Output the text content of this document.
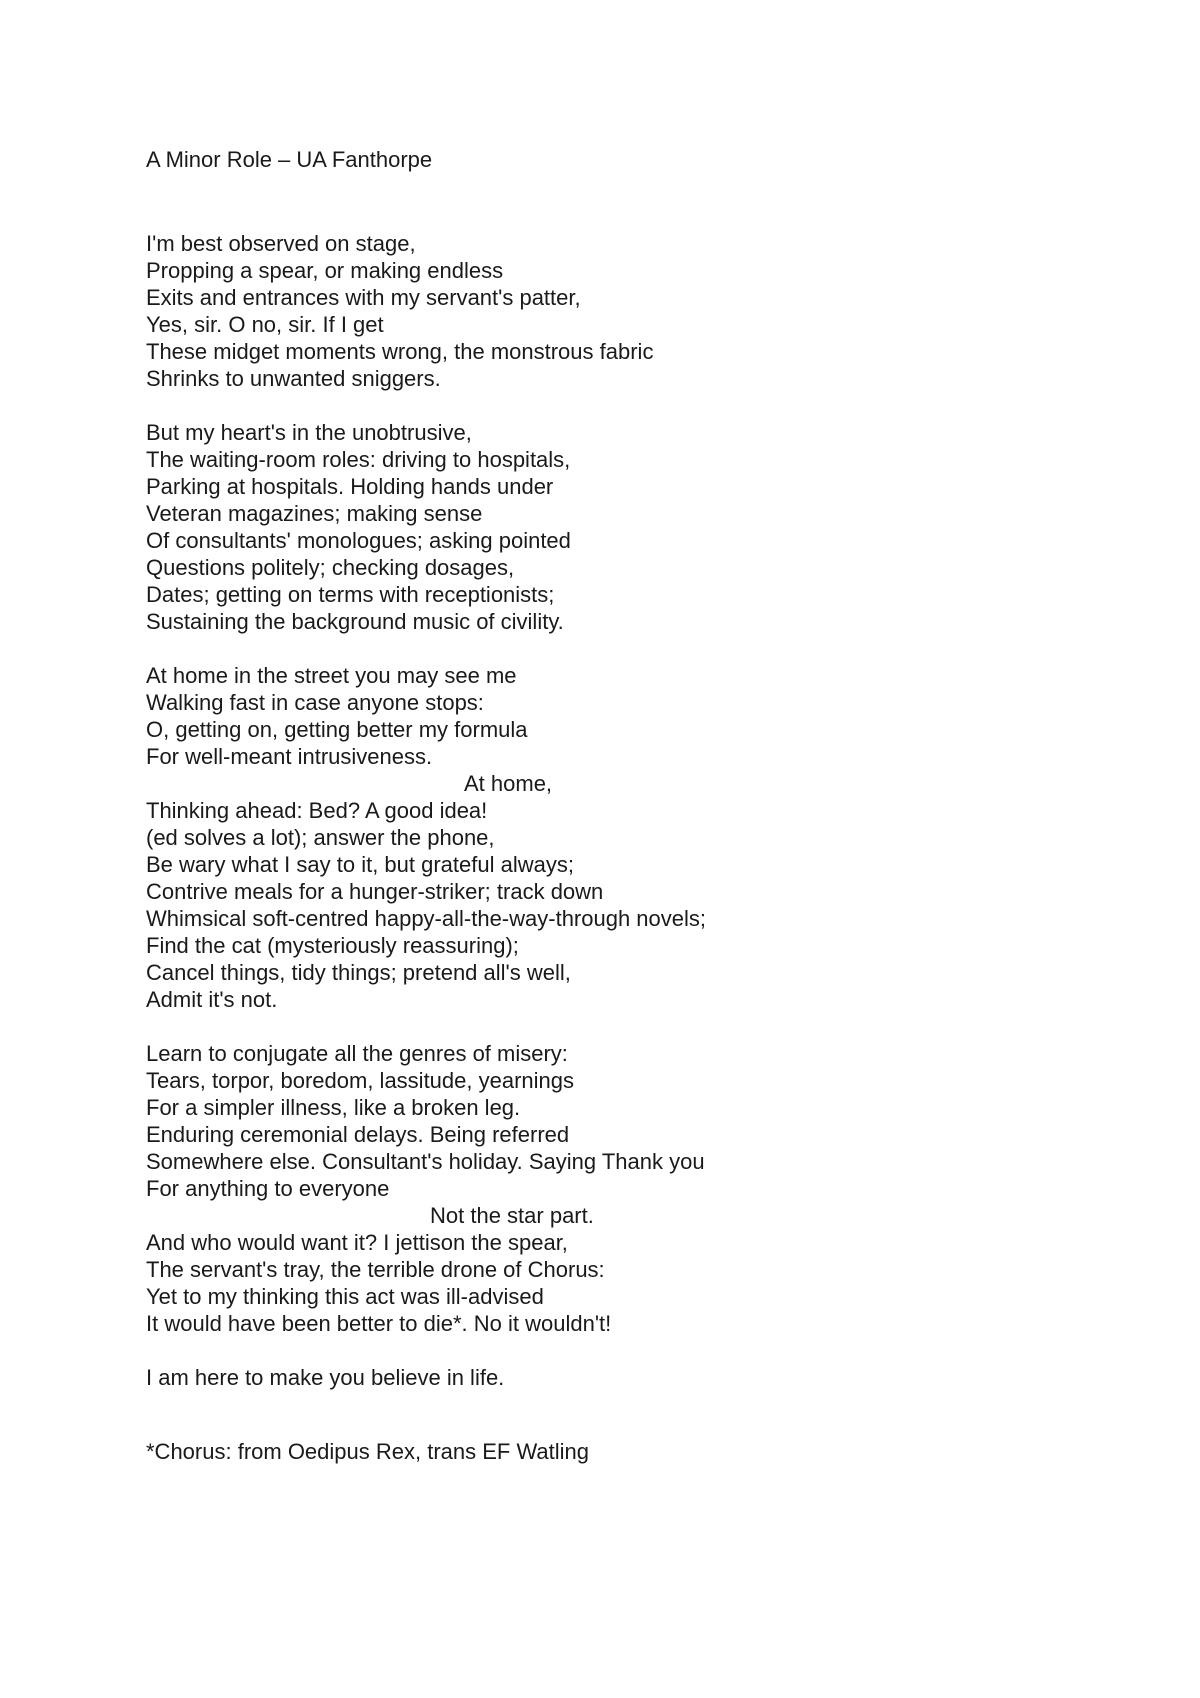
A Minor Role – UA Fanthorpe
I'm best observed on stage,
Propping a spear, or making endless
Exits and entrances with my servant's patter,
Yes, sir. O no, sir. If I get
These midget moments wrong, the monstrous fabric
Shrinks to unwanted sniggers.
But my heart's in the unobtrusive,
The waiting-room roles: driving to hospitals,
Parking at hospitals. Holding hands under
Veteran magazines; making sense
Of consultants' monologues; asking pointed
Questions politely; checking dosages,
Dates; getting on terms with receptionists;
Sustaining the background music of civility.
At home in the street you may see me
Walking fast in case anyone stops:
O, getting on, getting better my formula
For well-meant intrusiveness.
At home,
Thinking ahead: Bed? A good idea!
(ed solves a lot); answer the phone,
Be wary what I say to it, but grateful always;
Contrive meals for a hunger-striker; track down
Whimsical soft-centred happy-all-the-way-through novels;
Find the cat (mysteriously reassuring);
Cancel things, tidy things; pretend all's well,
Admit it's not.
Learn to conjugate all the genres of misery:
Tears, torpor, boredom, lassitude, yearnings
For a simpler illness, like a broken leg.
Enduring ceremonial delays. Being referred
Somewhere else. Consultant's holiday. Saying Thank you
For anything to everyone
Not the star part.
And who would want it? I jettison the spear,
The servant's tray, the terrible drone of Chorus:
Yet to my thinking this act was ill-advised
It would have been better to die*. No it wouldn't!
I am here to make you believe in life.
*Chorus: from Oedipus Rex, trans EF Watling
